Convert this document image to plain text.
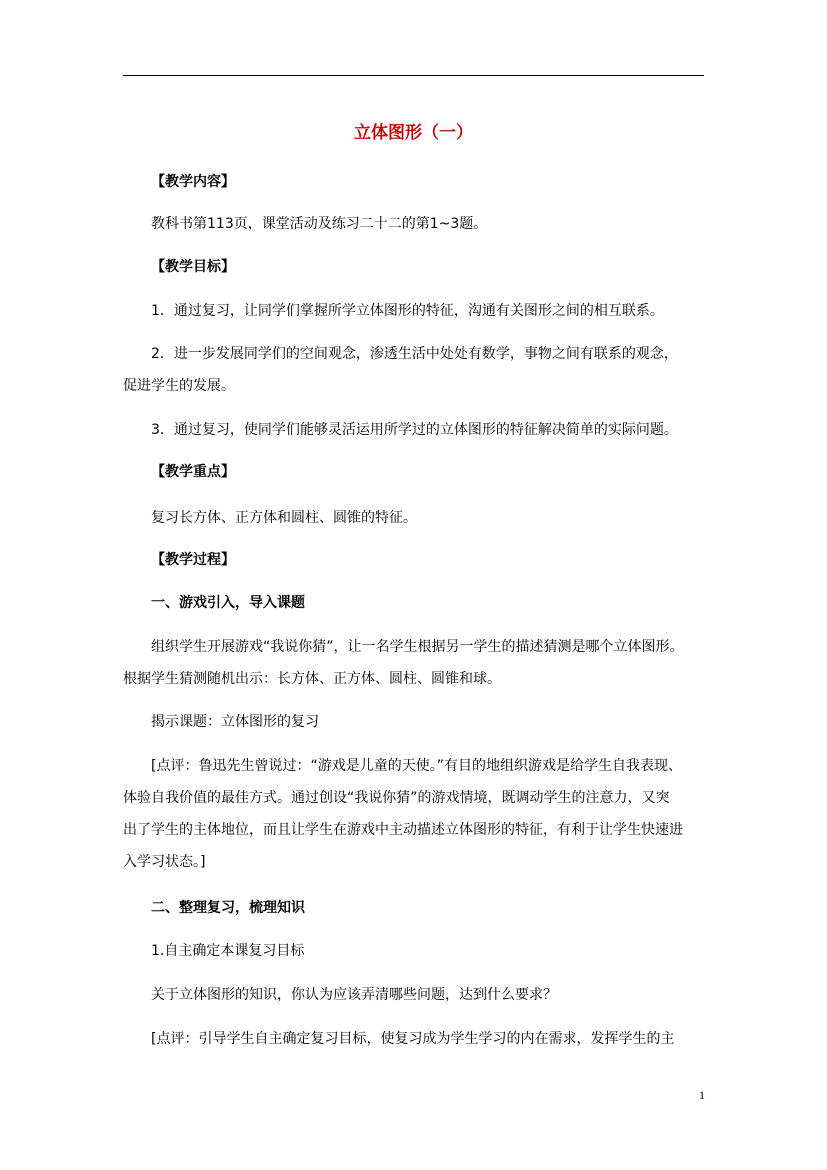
立体图形（一）

【教学内容】

教科书第113页，课堂活动及练习二十二的第1~3题。

【教学目标】

1．通过复习，让同学们掌握所学立体图形的特征，沟通有关图形之间的相互联系。

2．进一步发展同学们的空间观念，渗透生活中处处有数学，事物之间有联系的观念，

促进学生的发展。

3．通过复习，使同学们能够灵活运用所学过的立体图形的特征解决简单的实际问题。

【教学重点】

复习长方体、正方体和圆柱、圆锥的特征。

【教学过程】

一、游戏引入，导入课题

组织学生开展游戏“我说你猜”，让一名学生根据另一学生的描述猜测是哪个立体图形。

根据学生猜测随机出示：长方体、正方体、圆柱、圆锥和球。

揭示课题：立体图形的复习

[点评：鲁迅先生曾说过：“游戏是儿童的天使。”有目的地组织游戏是给学生自我表现、

体验自我价值的最佳方式。通过创设“我说你猜”的游戏情境，既调动学生的注意力，又突

出了学生的主体地位，而且让学生在游戏中主动描述立体图形的特征，有利于让学生快速进

入学习状态。]

二、整理复习，梳理知识

1.自主确定本课复习目标

关于立体图形的知识，你认为应该弄清哪些问题，达到什么要求？

[点评：引导学生自主确定复习目标，使复习成为学生学习的内在需求，发挥学生的主

1
